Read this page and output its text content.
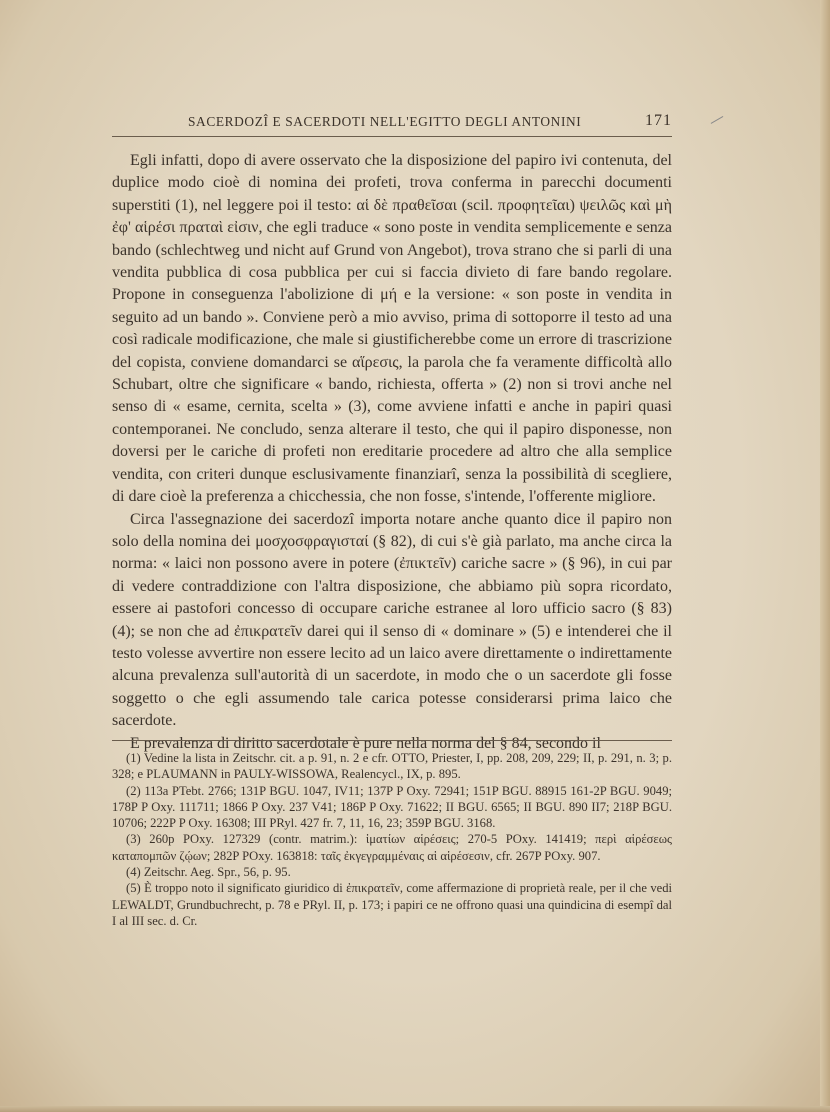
SACERDOZÎ E SACERDOTI NELL'EGITTO DEGLI ANTONINI	171

Egli infatti, dopo di avere osservato che la disposizione del papiro ivi contenuta, del duplice modo cioè di nomina dei profeti, trova conferma in parecchi documenti superstiti (1), nel leggere poi il testo: αἱ δὲ πραθεῖσαι (scil. προφητεῖαι) ψειλῶς καὶ μὴ ἐφ' αἱρέσι πραταὶ εἰσιν, che egli traduce « sono poste in vendita semplicemente e senza bando (schlechtweg und nicht auf Grund von Angebot), trova strano che si parli di una vendita pubblica di cosa pubblica per cui si faccia divieto di fare bando regolare. Propone in conseguenza l'abolizione di μή e la versione: « son poste in vendita in seguito ad un bando ». Conviene però a mio avviso, prima di sottoporre il testo ad una così radicale modificazione, che male si giustificherebbe come un errore di trascrizione del copista, conviene domandarci se αἵρεσις, la parola che fa veramente difficoltà allo Schubart, oltre che significare « bando, richiesta, offerta » (2) non si trovi anche nel senso di « esame, cernita, scelta » (3), come avviene infatti e anche in papiri quasi contemporanei. Ne concludo, senza alterare il testo, che qui il papiro disponesse, non doversi per le cariche di profeti non ereditarie procedere ad altro che alla semplice vendita, con criteri dunque esclusivamente finanziarî, senza la possibilità di scegliere, di dare cioè la preferenza a chicchessia, che non fosse, s'intende, l'offerente migliore.

Circa l'assegnazione dei sacerdozî importa notare anche quanto dice il papiro non solo della nomina dei μοσχοσφραγισταί (§ 82), di cui s'è già parlato, ma anche circa la norma: « laici non possono avere in potere (ἐπικτεῖν) cariche sacre » (§ 96), in cui par di vedere contraddizione con l'altra disposizione, che abbiamo più sopra ricordato, essere ai pastofori concesso di occupare cariche estranee al loro ufficio sacro (§ 83) (4); se non che ad ἐπικρατεῖν darei qui il senso di « dominare » (5) e intenderei che il testo volesse avvertire non essere lecito ad un laico avere direttamente o indirettamente alcuna prevalenza sull'autorità di un sacerdote, in modo che o un sacerdote gli fosse soggetto o che egli assumendo tale carica potesse considerarsi prima laico che sacerdote.

E prevalenza di diritto sacerdotale è pure nella norma del § 84, secondo il

(1) Vedine la lista in Zeitschr. cit. a p. 91, n. 2 e cfr. OTTO, Priester, I, pp. 208, 209, 229; II, p. 291, n. 3; p. 328; e PLAUMANN in PAULY-WISSOWA, Realencycl., IX, p. 895.

(2) 113a PTebt. 2766; 131P BGU. 1047, IV11; 137P P Oxy. 72941; 151P BGU. 88915 161-2P BGU. 9049; 178P P Oxy. 111711; 1866 P Oxy. 237 V41; 186P P Oxy. 71622; II BGU. 6565; II BGU. 890 II7; 218P BGU. 10706; 222P P Oxy. 16308; III PRyl. 427 fr. 7, 11, 16, 23; 359P BGU. 3168.

(3) 260p POxy. 127329 (contr. matrim.): ἱματίων αἱρέσεις; 270-5 POxy. 141419; περὶ αἱρέσεως καταπομπῶν ζῴων; 282P POxy. 163818: ταῖς ἐκγεγραμμέναις αἱ αἱρέσεσιν, cfr. 267P POxy. 907.

(4) Zeitschr. Aeg. Spr., 56, p. 95.

(5) È troppo noto il significato giuridico di ἐπικρατεῖν, come affermazione di proprietà reale, per il che vedi LEWALDT, Grundbuchrecht, p. 78 e PRyl. II, p. 173; i papiri ce ne offrono quasi una quindicina di esempî dal I al III sec. d. Cr.
